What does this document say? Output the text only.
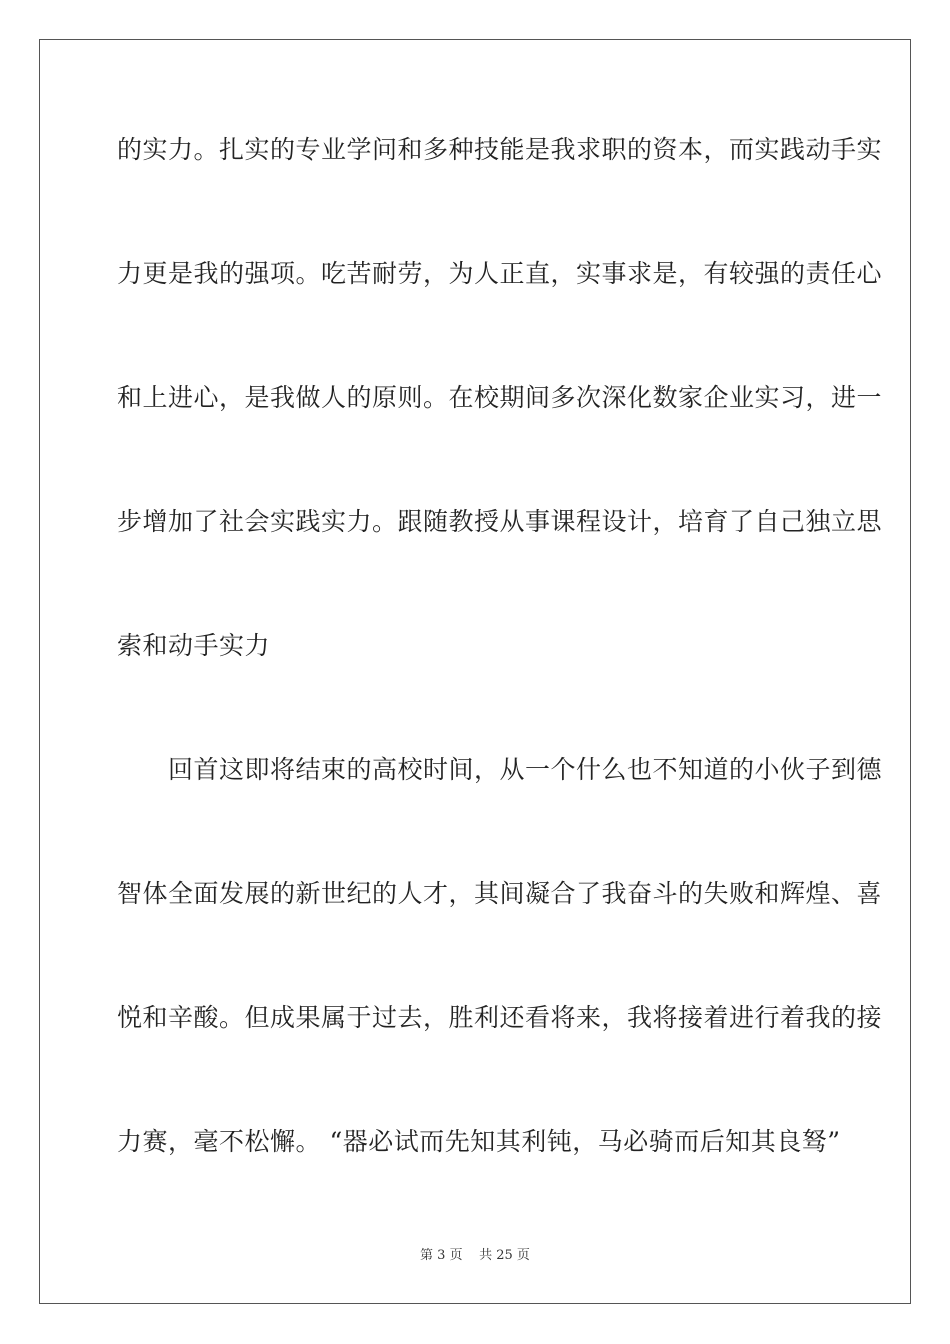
的实力。扎实的专业学问和多种技能是我求职的资本，而实践动手实
力更是我的强项。吃苦耐劳，为人正直，实事求是，有较强的责任心
和上进心，是我做人的原则。在校期间多次深化数家企业实习，进一
步增加了社会实践实力。跟随教授从事课程设计，培育了自己独立思
索和动手实力
回首这即将结束的高校时间，从一个什么也不知道的小伙子到德
智体全面发展的新世纪的人才，其间凝合了我奋斗的失败和辉煌、喜
悦和辛酸。但成果属于过去，胜利还看将来，我将接着进行着我的接
力赛，毫不松懈。 “器必试而先知其利钝，马必骑而后知其良驽”
第 3 页 共 25 页
